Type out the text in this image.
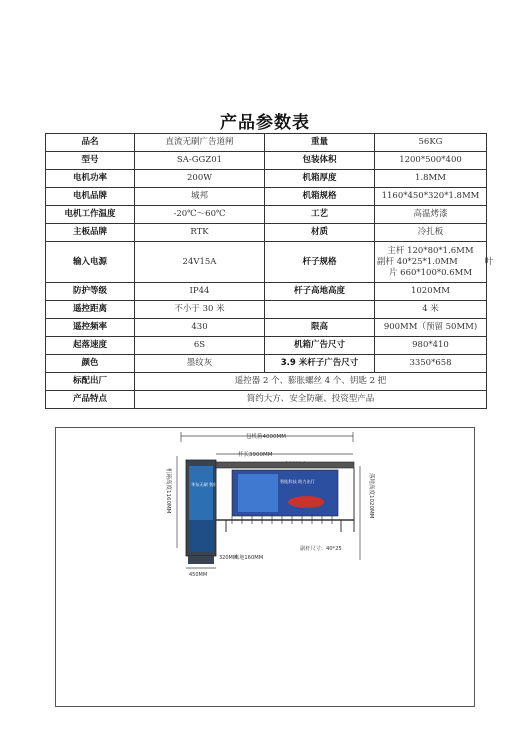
产品参数表
品名	直流无刷广告道闸	重量	56KG
型号	SA-GGZ01	包装体积	1200*500*400
电机功率	200W	机箱厚度	1.8MM
电机品牌	城邦	机箱规格	1160*450*320*1.8MM
电机工作温度	-20℃～60℃	工艺	高温烤漆
主板品牌	RTK	材质	冷扎板
输入电源	24V15A	杆子规格	主杆 120*80*1.6MM
副杆 40*25*1.0MM          叶
片 660*100*0.6MM

防护等级	IP44	杆子高地高度	1020MM
遥控距离	不小于 30 米		4 米
遥控频率	430	限高	900MM（预留 50MM)
起落速度	6S	机箱广告尺寸	980*410
颜色	墨纹灰	3.9 米杆子广告尺寸	3350*658
标配出厂	遥控器 2 个、膨胀螺丝 4 个、钥匙 2 把		
产品特点	简约大方、安全防砸、投资型产品		
包机箱4000MM
杆长3900MM
机箱高度1160MM	落地高度1020MM
华东无刷 智能道闸
智能科技 助力出行
450MM
320MM
离地160MM
副杆尺寸：40*25
